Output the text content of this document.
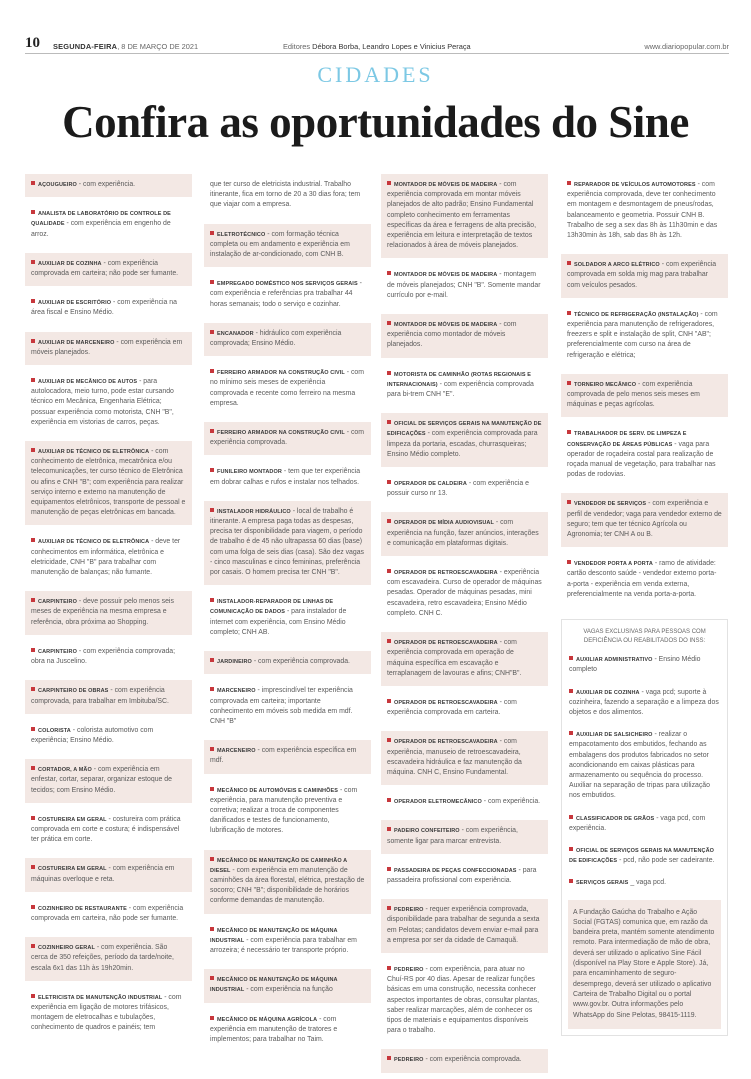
10 SEGUNDA-FEIRA, 8 DE MARÇO DE 2021	Editores Débora Borba, Leandro Lopes e Vinicius Peraça	www.diariopopular.com.br
CIDADES
Confira as oportunidades do Sine
AÇOUGUEIRO - com experiência.
ANALISTA DE LABORATÓRIO DE CONTROLE DE QUALIDADE - com experiência em engenho de arroz.
AUXILIAR DE COZINHA - com experiência comprovada em carteira; não pode ser fumante.
AUXILIAR DE ESCRITÓRIO - com experiência na área fiscal e Ensino Médio.
AUXILIAR DE MARCENEIRO - com experiência em móveis planejados.
AUXILIAR DE MECÂNICO DE AUTOS - para autolocadora, meio turno, pode estar cursando técnico em Mecânica, Engenharia Elétrica; possuar experiência como motorista, CNH "B", experiência em vistorias de carros, peças.
AUXILIAR DE TÉCNICO DE ELETRÔNICA - com conhecimento de eletrônica, mecatrônica e/ou telecomunicações, ter curso técnico de Eletrônica ou afins e CNH "B"; com experiência para realizar serviço interno e externo na manutenção de equipamentos eletrônicos, transporte de pessoal e manutenção de peças eletrônicas em bancada.
AUXILIAR DE TÉCNICO DE ELETRÔNICA - deve ter conhecimentos em informática, eletrônica e eletricidade, CNH "B" para trabalhar com manutenção de balanças; não fumante.
CARPINTEIRO - deve possuir pelo menos seis meses de experiência na mesma empresa e referência, obra próxima ao Shopping.
CARPINTEIRO - com experiência comprovada; obra na Juscelino.
CARPINTEIRO DE OBRAS - com experiência comprovada, para trabalhar em Imbituba/SC.
COLORISTA - colorista automotivo com experiência; Ensino Médio.
CORTADOR, A MÃO - com experiência em enfestar, cortar, separar, organizar estoque de tecidos; com Ensino Médio.
COSTUREIRA EM GERAL - costureira com prática comprovada em corte e costura; é indispensável ter prática em corte.
COSTUREIRA EM GERAL - com experiência em máquinas overloque e reta.
COZINHEIRO DE RESTAURANTE - com experiência comprovada em carteira, não pode ser fumante.
COZINHEIRO GERAL - com experiência. São cerca de 350 refeições, período da tarde/noite, escala 6x1 das 11h às 19h20min.
ELETRICISTA DE MANUTENÇÃO INDUSTRIAL - com experiência em ligação de motores trifásicos, montagem de eletrocalhas e tubulações, conhecimento de quadros e painéis; tem
que ter curso de eletricista industrial. Trabalho itinerante, fica em torno de 20 a 30 dias fora; tem que viajar com a empresa.
ELETROTÉCNICO - com formação técnica completa ou em andamento e experiência em instalação de ar-condicionado, com CNH B.
EMPREGADO DOMÉSTICO NOS SERVIÇOS GERAIS - com experiência e referências pra trabalhar 44 horas semanais; todo o serviço e cozinhar.
ENCANADOR - hidráulico com experiência comprovada; Ensino Médio.
FERREIRO ARMADOR NA CONSTRUÇÃO CIVIL - com no mínimo seis meses de experiência comprovada e recente como ferreiro na mesma empresa.
FERREIRO ARMADOR NA CONSTRUÇÃO CIVIL - com experiência comprovada.
FUNILEIRO MONTADOR - tem que ter experiência em dobrar calhas e rufos e instalar nos telhados.
INSTALADOR HIDRÁULICO - local de trabalho é itinerante. A empresa paga todas as despesas, precisa ter disponibilidade para viagem, o período de trabalho é de 45 não ultrapassa 60 dias (base) com uma folga de seis dias (casa). São dez vagas - cinco masculinas e cinco femininas, preferência por casais. O homem precisa ter CNH "B".
INSTALADOR-REPARADOR DE LINHAS DE COMUNICAÇÃO DE DADOS - para instalador de internet com experiência, com Ensino Médio completo; CNH AB.
JARDINEIRO - com experiência comprovada.
MARCENEIRO - imprescindível ter experiência comprovada em carteira; importante conhecimento em móveis sob medida em mdf. CNH "B"
MARCENEIRO - com experiência específica em mdf.
MECÂNICO DE AUTOMÓVEIS E CAMINHÕES - com experiência, para manutenção preventiva e corretiva; realizar a troca de componentes danificados e testes de funcionamento, lubrificação de motores.
MECÂNICO DE MANUTENÇÃO DE CAMINHÃO A DIESEL - com experiência em manutenção de caminhões da área florestal, elétrica, prestação de socorro; CNH "B"; disponibilidade de horários conforme demandas de manutenção.
MECÂNICO DE MANUTENÇÃO DE MÁQUINA INDUSTRIAL - com experiência para trabalhar em arrozeira; é necessário ter transporte próprio.
MECÂNICO DE MANUTENÇÃO DE MÁQUINA INDUSTRIAL - com experiência na função
MECÂNICO DE MÁQUINA AGRÍCOLA - com experiência em manutenção de tratores e implementos; para trabalhar no Taim.
MONTADOR DE MÓVEIS DE MADEIRA - com experiência comprovada em montar móveis planejados de alto padrão; Ensino Fundamental completo conhecimento em ferramentas específicas da área e ferragens de alta precisão, experiência em leitura e interpretação de textos relacionados à área de móveis planejados.
MONTADOR DE MÓVEIS DE MADEIRA - montagem de móveis planejados; CNH "B". Somente mandar currículo por e-mail.
MONTADOR DE MÓVEIS DE MADEIRA - com experiência como montador de móveis planejados.
MOTORISTA DE CAMINHÃO (ROTAS REGIONAIS E INTERNACIONAIS) - com experiência comprovada para bi-trem CNH "E".
OFICIAL DE SERVIÇOS GERAIS NA MANUTENÇÃO DE EDIFICAÇÕES - com experiência comprovada para limpeza da portaria, escadas, churrasqueiras; Ensino Médio completo.
OPERADOR DE CALDEIRA - com experiência e possuir curso nr 13.
OPERADOR DE MÍDIA AUDIOVISUAL - com experiência na função, fazer anúncios, interações e comunicação em plataformas digitais.
OPERADOR DE RETROESCAVADEIRA - experiência com escavadeira. Curso de operador de máquinas pesadas. Operador de máquinas pesadas, mini escavadeira, retro escavadeira; Ensino Médio completo. CNH C.
OPERADOR DE RETROESCAVADEIRA - com experiência comprovada em operação de máquina específica em escavação e terraplanagem de lavouras e afins; CNH"B".
OPERADOR DE RETROESCAVADEIRA - com experiência comprovada em carteira.
OPERADOR DE RETROESCAVADEIRA - com experiência, manuseio de retroescavadeira, escavadeira hidráulica e faz manutenção da máquina. CNH C, Ensino Fundamental.
OPERADOR ELETROMECÂNICO - com experiência.
PADEIRO CONFEITEIRO - com experiência, somente ligar para marcar entrevista.
PASSADEIRA DE PEÇAS CONFECCIONADAS - para passadeira profissional com experiência.
PEDREIRO - requer experiência comprovada, disponibilidade para trabalhar de segunda a sexta em Pelotas; candidatos devem enviar e-mail para a empresa por ser da cidade de Camaquã.
PEDREIRO - com experiência, para atuar no Chuí-RS por 40 dias. Apesar de realizar funções básicas em uma construção, necessita conhecer aspectos importantes de obras, consultar plantas, saber realizar marcações, além de conhecer os tipos de materiais e equipamentos disponíveis para o trabalho.
PEDREIRO - com experiência comprovada.
REPARADOR DE VEÍCULOS AUTOMOTORES - com experiência comprovada, deve ter conhecimento em montagem e desmontagem de pneus/rodas, balanceamento e geometria. Possuir CNH B. Trabalho de seg a sex das 8h às 11h30min e das 13h30min às 18h, sab das 8h às 12h.
SOLDADOR A ARCO ELÉTRICO - com experiência comprovada em solda mig mag para trabalhar com veículos pesados.
TÉCNICO DE REFRIGERAÇÃO (INSTALAÇÃO) - com experiência para manutenção de refrigeradores, freezers e split e instalação de split, CNH "AB"; preferencialmente com curso na área de refrigeração e elétrica;
TORNEIRO MECÂNICO - com experiência comprovada de pelo menos seis meses em máquinas e peças agrícolas.
TRABALHADOR DE SERV. DE LIMPEZA E CONSERVAÇÃO DE ÁREAS PÚBLICAS - vaga para operador de roçadeira costal para realização de roçada manual de vegetação, para trabalhar nas podas de rodovias.
VENDEDOR DE SERVIÇOS - com experiência e perfil de vendedor; vaga para vendedor externo de seguro; tem que ter técnico Agrícola ou Agronomia; ter CNH A ou B.
VENDEDOR PORTA A PORTA - ramo de atividade: cartão desconto saúde - vendedor externo porta-a-porta - experiência em venda externa, preferencialmente na venda porta-a-porta.
VAGAS EXCLUSIVAS PARA PESSOAS COM DEFICIÊNCIA OU REABILITADOS DO INSS:
AUXILIAR ADMINISTRATIVO - Ensino Médio completo
AUXILIAR DE COZINHA - vaga pcd; suporte à cozinheira, fazendo a separação e a limpeza dos objetos e dos alimentos.
AUXILIAR DE SALSICHEIRO - realizar o empacotamento dos embutidos, fechando as embalagens dos produtos fabricados no setor acondicionando em caixas plásticas para armazenamento ou sequência do processo. Auxiliar na separação de tripas para utilização nos embutidos.
CLASSIFICADOR DE GRÃOS - vaga pcd, com experiência.
OFICIAL DE SERVIÇOS GERAIS NA MANUTENÇÃO DE EDIFICAÇÕES - pcd, não pode ser cadeirante.
SERVIÇOS GERAIS _ vaga pcd.
A Fundação Gaúcha do Trabalho e Ação Social (FGTAS) comunica que, em razão da bandeira preta, mantém somente atendimento remoto. Para intermediação de mão de obra, deverá ser utilizado o aplicativo Sine Fácil (disponível na Play Store e Apple Store). Já, para encaminhamento de seguro-desemprego, deverá ser utilizado o aplicativo Carteira de Trabalho Digital ou o portal www.gov.br. Outra informações pelo WhatsApp do Sine Pelotas, 98415-1119.
